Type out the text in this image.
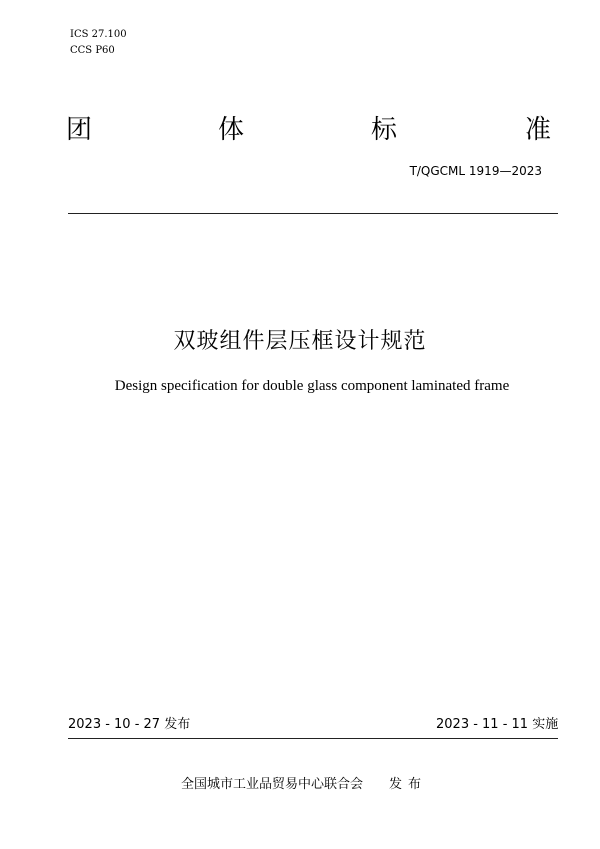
ICS 27.100
CCS P60
团	体	标	准
T/QGCML 1919—2023
双玻组件层压框设计规范
Design specification for double glass component laminated frame
2023 - 10 - 27 发布	2023 - 11 - 11 实施
全国城市工业品贸易中心联合会 发布
